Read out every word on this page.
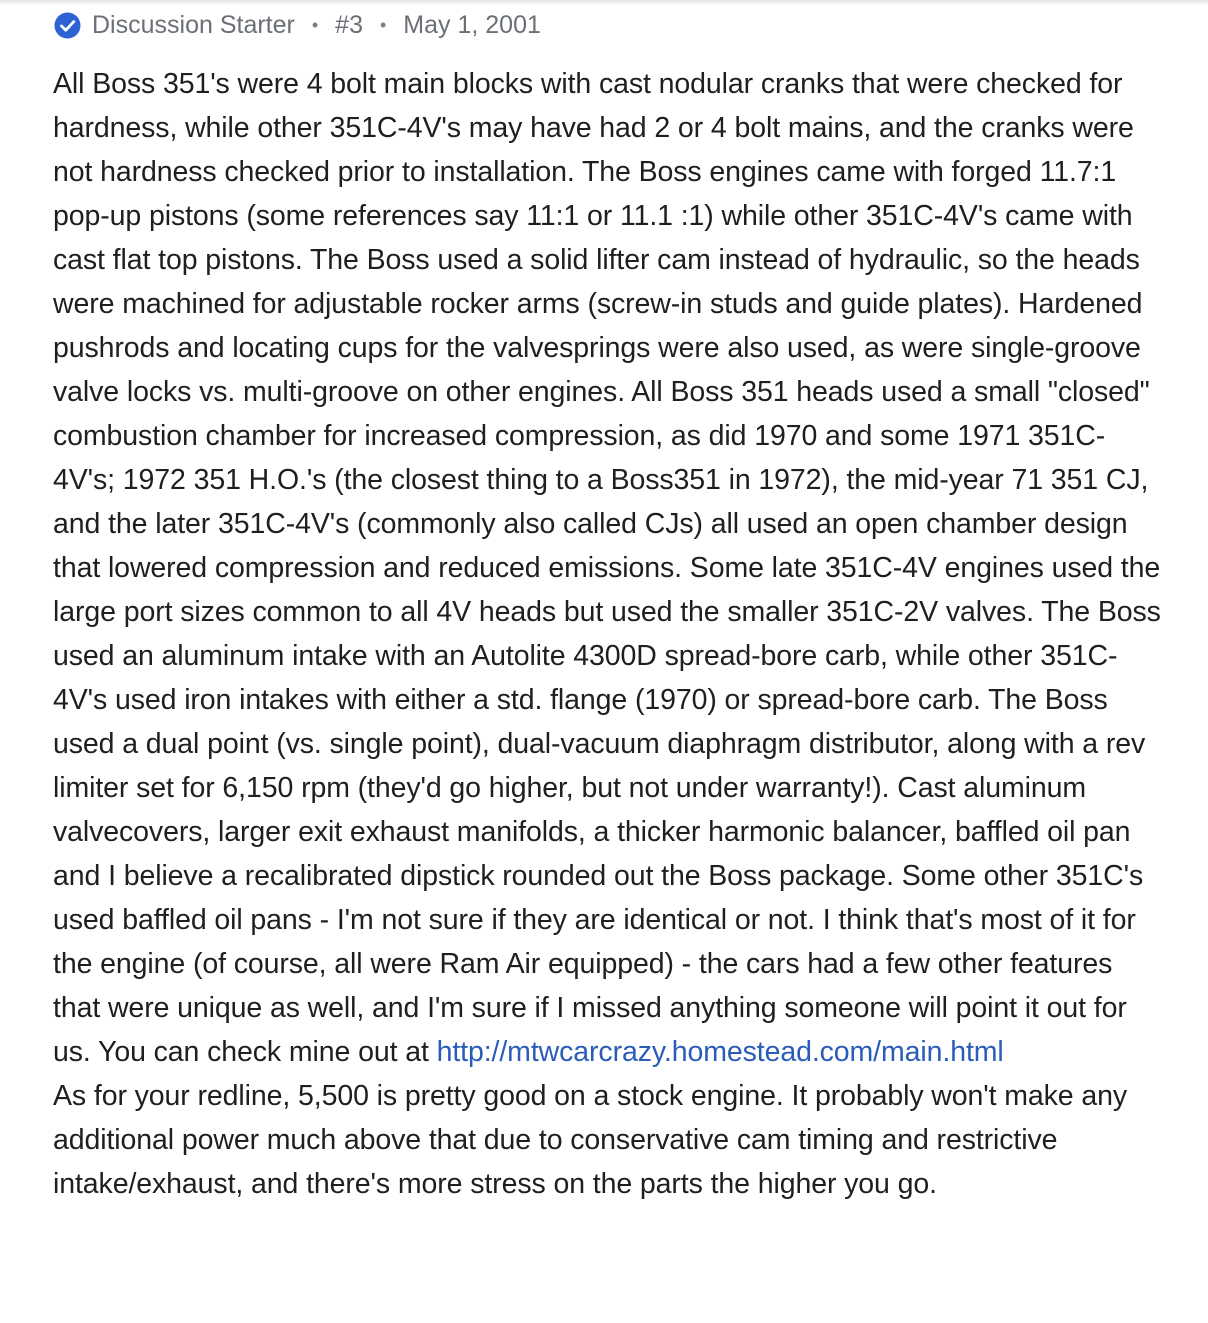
Discussion Starter • #3 • May 1, 2001

All Boss 351's were 4 bolt main blocks with cast nodular cranks that were checked for hardness, while other 351C-4V's may have had 2 or 4 bolt mains, and the cranks were not hardness checked prior to installation. The Boss engines came with forged 11.7:1 pop-up pistons (some references say 11:1 or 11.1 :1) while other 351C-4V's came with cast flat top pistons. The Boss used a solid lifter cam instead of hydraulic, so the heads were machined for adjustable rocker arms (screw-in studs and guide plates). Hardened pushrods and locating cups for the valvesprings were also used, as were single-groove valve locks vs. multi-groove on other engines. All Boss 351 heads used a small "closed" combustion chamber for increased compression, as did 1970 and some 1971 351C-4V's; 1972 351 H.O.'s (the closest thing to a Boss351 in 1972), the mid-year 71 351 CJ, and the later 351C-4V's (commonly also called CJs) all used an open chamber design that lowered compression and reduced emissions. Some late 351C-4V engines used the large port sizes common to all 4V heads but used the smaller 351C-2V valves. The Boss used an aluminum intake with an Autolite 4300D spread-bore carb, while other 351C-4V's used iron intakes with either a std. flange (1970) or spread-bore carb. The Boss used a dual point (vs. single point), dual-vacuum diaphragm distributor, along with a rev limiter set for 6,150 rpm (they'd go higher, but not under warranty!). Cast aluminum valvecovers, larger exit exhaust manifolds, a thicker harmonic balancer, baffled oil pan and I believe a recalibrated dipstick rounded out the Boss package. Some other 351C's used baffled oil pans - I'm not sure if they are identical or not. I think that's most of it for the engine (of course, all were Ram Air equipped) - the cars had a few other features that were unique as well, and I'm sure if I missed anything someone will point it out for us. You can check mine out at http://mtwcarcrazy.homestead.com/main.html

As for your redline, 5,500 is pretty good on a stock engine. It probably won't make any additional power much above that due to conservative cam timing and restrictive intake/exhaust, and there's more stress on the parts the higher you go.
